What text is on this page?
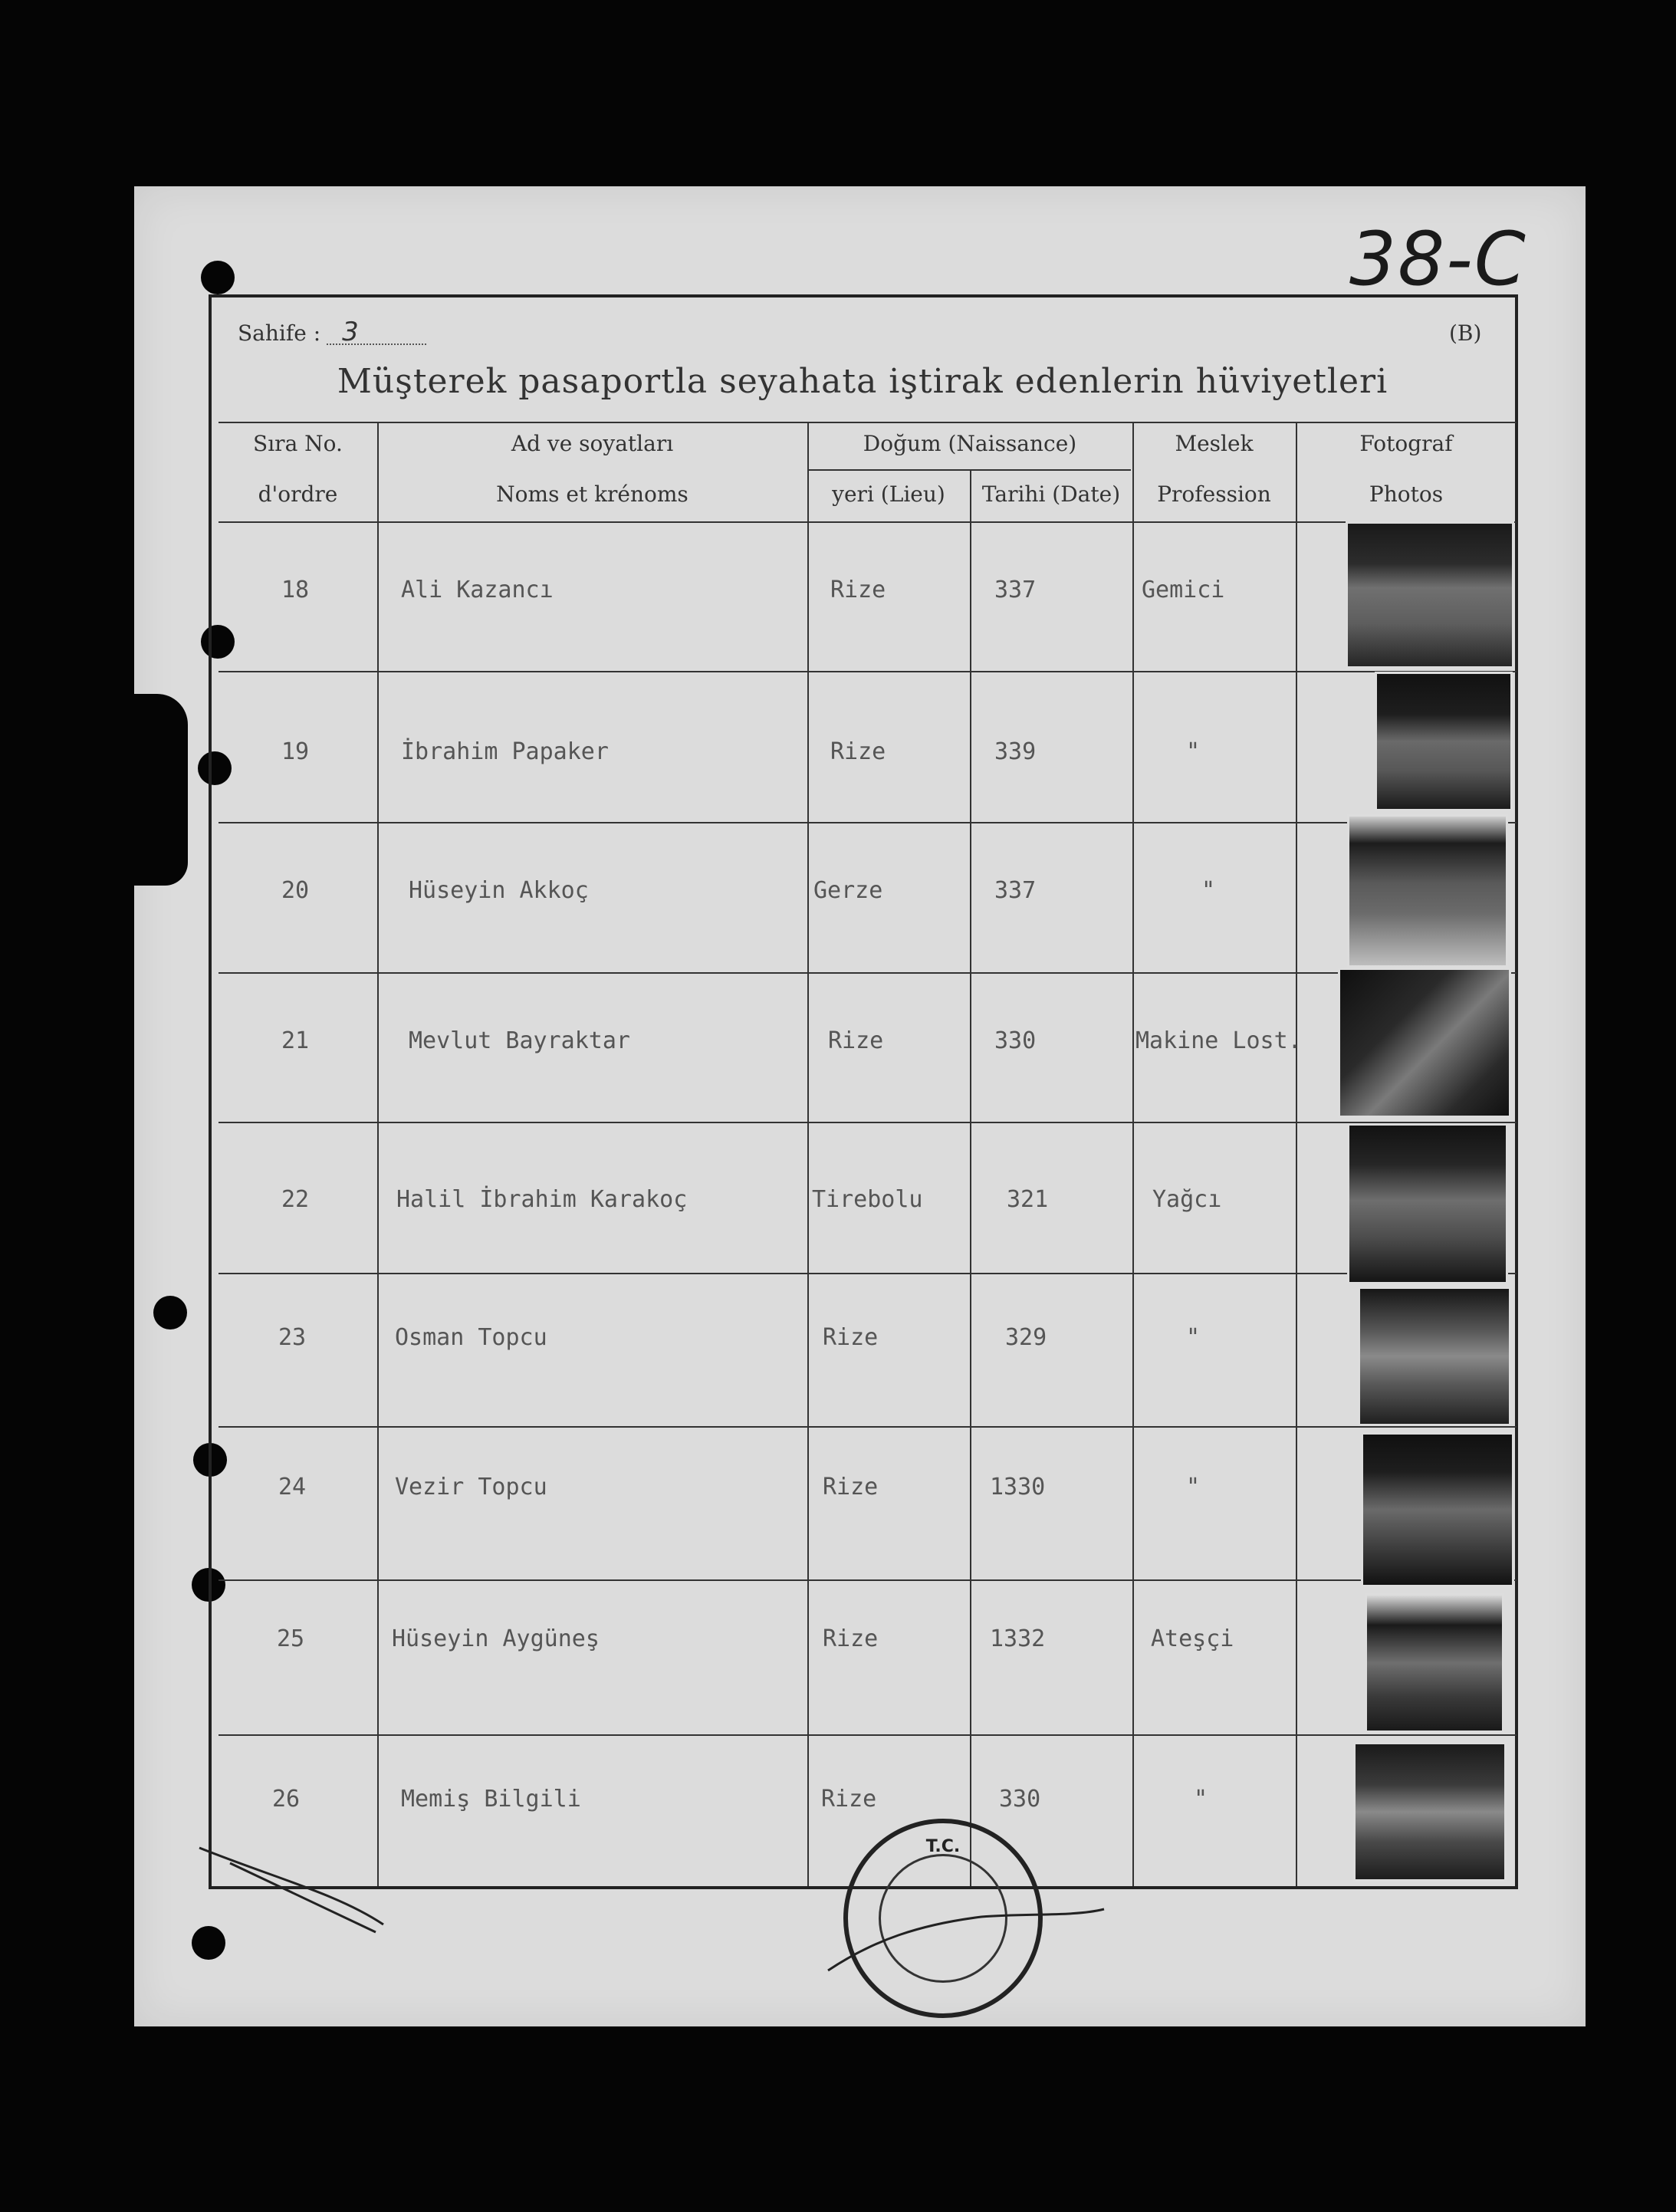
38-C
Sahife : 3	(B)
Müşterek pasaportla seyahata iştirak edenlerin hüviyetleri
Sıra No.
d'ordre
Ad ve soyatları
Noms et krénoms
Doğum (Naissance)
yeri (Lieu)	Tarihi (Date)
Meslek
Profession
Fotograf
Photos
18	Ali Kazancı	Rize	337	Gemici
19	İbrahim Papaker	Rize	339	"
20	Hüseyin Akkoç	Gerze	337	"
21	Mevlut Bayraktar	Rize	330	Makine Lost.
22	Halil İbrahim Karakoç	Tirebolu	321	Yağcı
23	Osman Topcu	Rize	329	"
24	Vezir Topcu	Rize	1330	"
25	Hüseyin Aygüneş	Rize	1332	Ateşçi
26	Memiş Bilgili	Rize	330	"
T.C.
